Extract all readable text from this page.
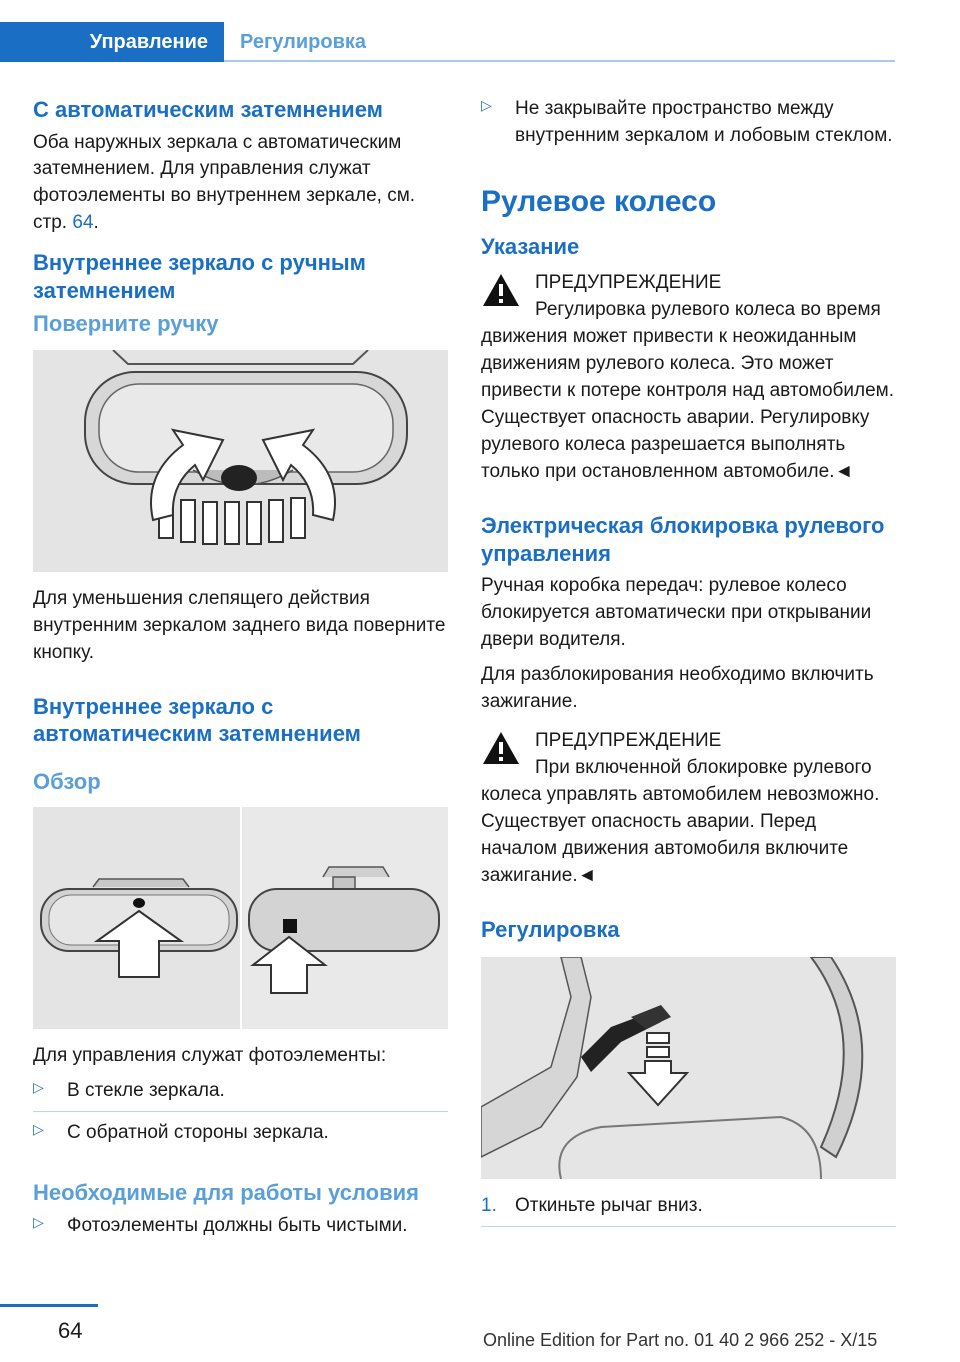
Управление	Регулировка
С автоматическим затемнением

Оба наружных зеркала с автоматическим затемнением. Для управления служат фотоэлементы во внутреннем зеркале, см. стр. 64.

Внутреннее зеркало с ручным затемнением
Поверните ручку

Для уменьшения слепящего действия внутренним зеркалом заднего вида поверните кнопку.

Внутреннее зеркало с автоматическим затемнением
Обзор

Для управления служат фотоэлементы:

▷ В стекле зеркала.
▷ С обратной стороны зеркала.
Необходимые для работы условия
▷ Фотоэлементы должны быть чистыми.
▷ Не закрывайте пространство между внутренним зеркалом и лобовым стеклом.
Рулевое колесо
Указание

ПРЕДУПРЕЖДЕНИЕ

Регулировка рулевого колеса во время движения может привести к неожиданным движениям рулевого колеса. Это может привести к потере контроля над автомобилем. Существует опасность аварии. Регулировку рулевого колеса разрешается выполнять только при остановленном автомобиле.◄

Электрическая блокировка рулевого управления

Ручная коробка передач: рулевое колесо блокируется автоматически при открывании двери водителя.

Для разблокирования необходимо включить зажигание.

ПРЕДУПРЕЖДЕНИЕ

При включенной блокировке рулевого колеса управлять автомобилем невозможно. Существует опасность аварии. Перед началом движения автомобиля включите зажигание.◄

Регулировка
1. Откиньте рычаг вниз.
64	Online Edition for Part no. 01 40 2 966 252 - X/15
